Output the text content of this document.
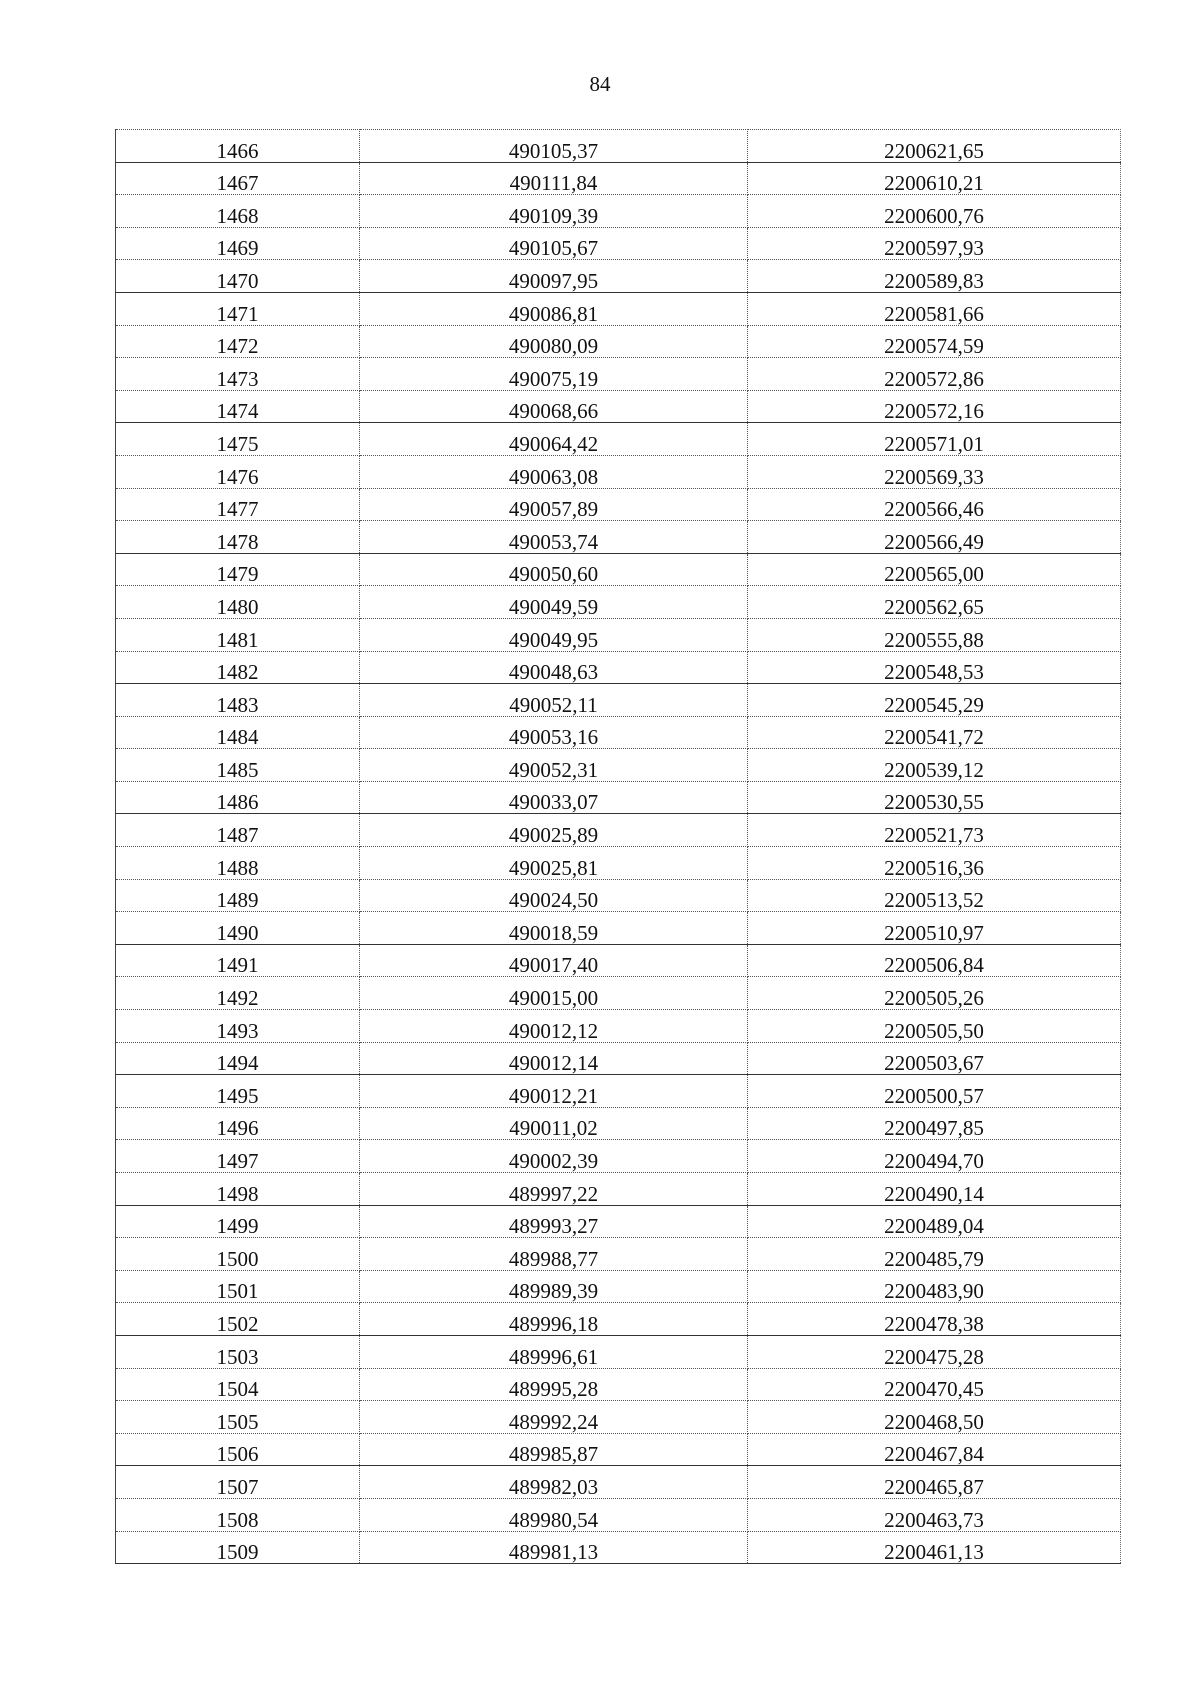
84
1466	490105,37	2200621,65
1467	490111,84	2200610,21
1468	490109,39	2200600,76
1469	490105,67	2200597,93
1470	490097,95	2200589,83
1471	490086,81	2200581,66
1472	490080,09	2200574,59
1473	490075,19	2200572,86
1474	490068,66	2200572,16
1475	490064,42	2200571,01
1476	490063,08	2200569,33
1477	490057,89	2200566,46
1478	490053,74	2200566,49
1479	490050,60	2200565,00
1480	490049,59	2200562,65
1481	490049,95	2200555,88
1482	490048,63	2200548,53
1483	490052,11	2200545,29
1484	490053,16	2200541,72
1485	490052,31	2200539,12
1486	490033,07	2200530,55
1487	490025,89	2200521,73
1488	490025,81	2200516,36
1489	490024,50	2200513,52
1490	490018,59	2200510,97
1491	490017,40	2200506,84
1492	490015,00	2200505,26
1493	490012,12	2200505,50
1494	490012,14	2200503,67
1495	490012,21	2200500,57
1496	490011,02	2200497,85
1497	490002,39	2200494,70
1498	489997,22	2200490,14
1499	489993,27	2200489,04
1500	489988,77	2200485,79
1501	489989,39	2200483,90
1502	489996,18	2200478,38
1503	489996,61	2200475,28
1504	489995,28	2200470,45
1505	489992,24	2200468,50
1506	489985,87	2200467,84
1507	489982,03	2200465,87
1508	489980,54	2200463,73
1509	489981,13	2200461,13
